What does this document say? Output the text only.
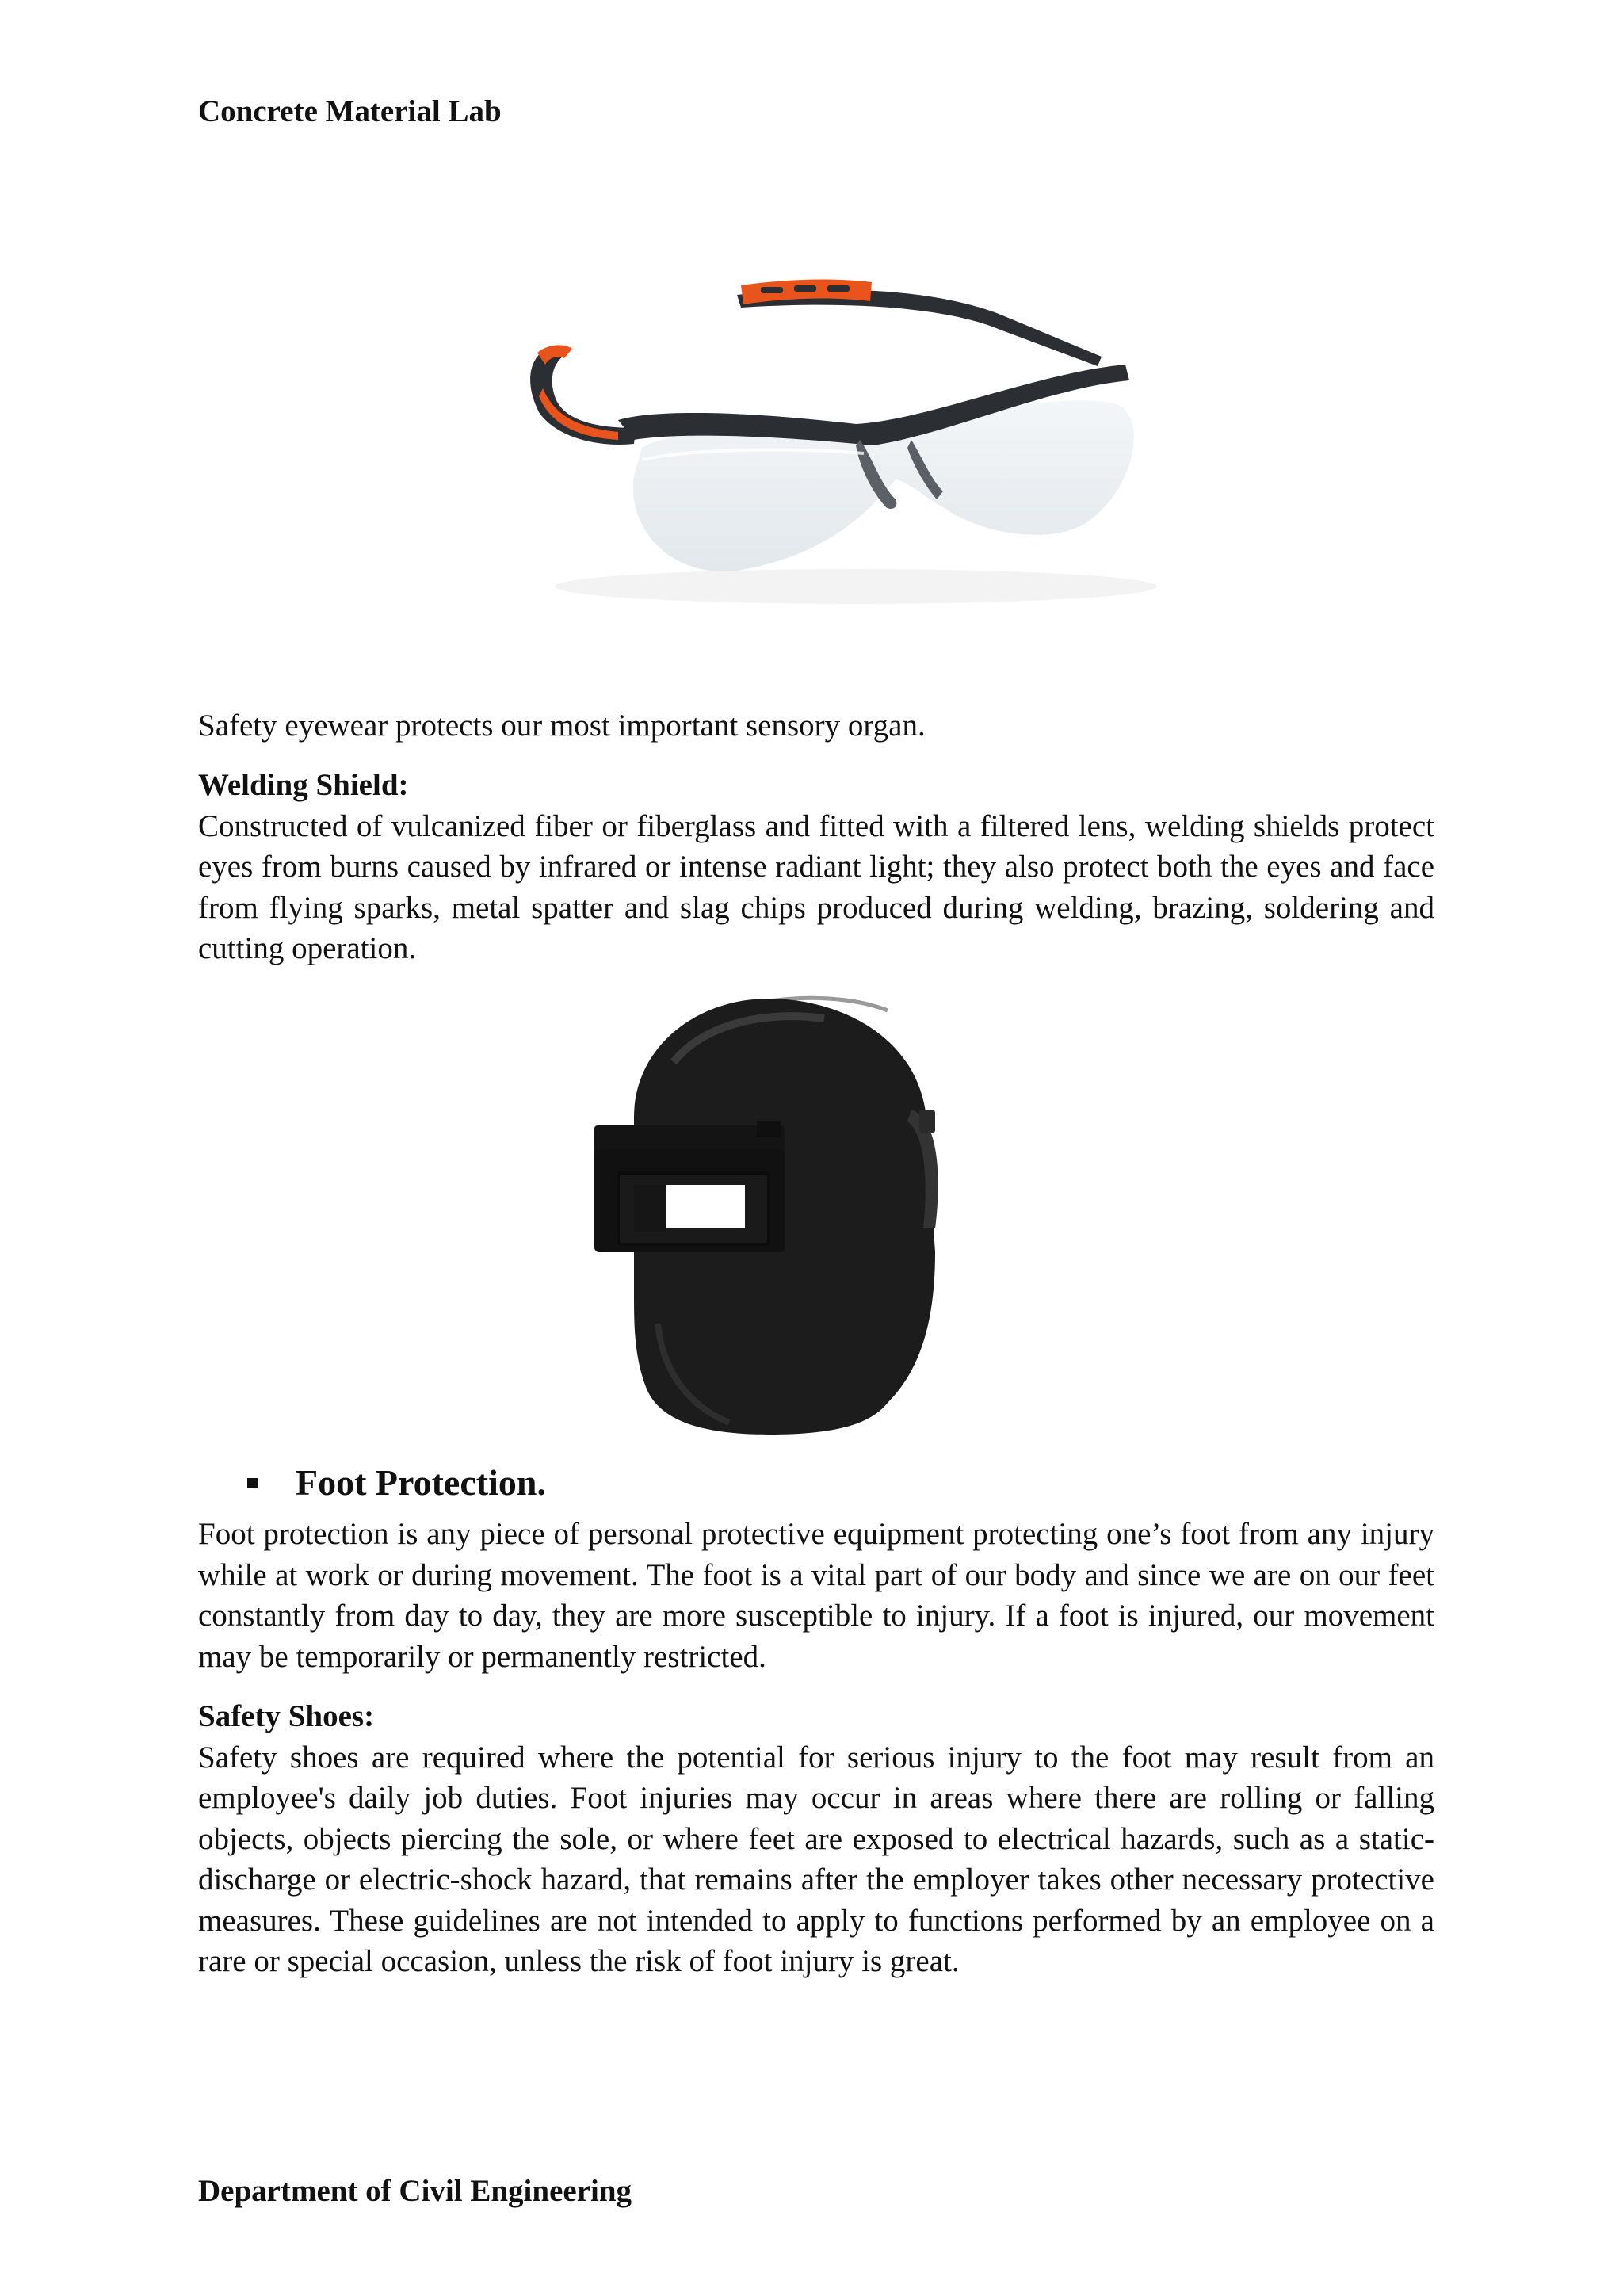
Concrete Material Lab
Safety eyewear protects our most important sensory organ.
Welding Shield:
Constructed of vulcanized fiber or fiberglass and fitted with a filtered lens, welding shields protect eyes from burns caused by infrared or intense radiant light; they also protect both the eyes and face from flying sparks, metal spatter and slag chips produced during welding, brazing, soldering and cutting operation.
Foot Protection.
Foot protection is any piece of personal protective equipment protecting one’s foot from any injury while at work or during movement. The foot is a vital part of our body and since we are on our feet constantly from day to day, they are more susceptible to injury. If a foot is injured, our movement may be temporarily or permanently restricted.
Safety Shoes:
Safety shoes are required where the potential for serious injury to the foot may result from an employee's daily job duties. Foot injuries may occur in areas where there are rolling or falling objects, objects piercing the sole, or where feet are exposed to electrical hazards, such as a static-discharge or electric-shock hazard, that remains after the employer takes other necessary protective measures. These guidelines are not intended to apply to functions performed by an employee on a rare or special occasion, unless the risk of foot injury is great.
Department of Civil Engineering
